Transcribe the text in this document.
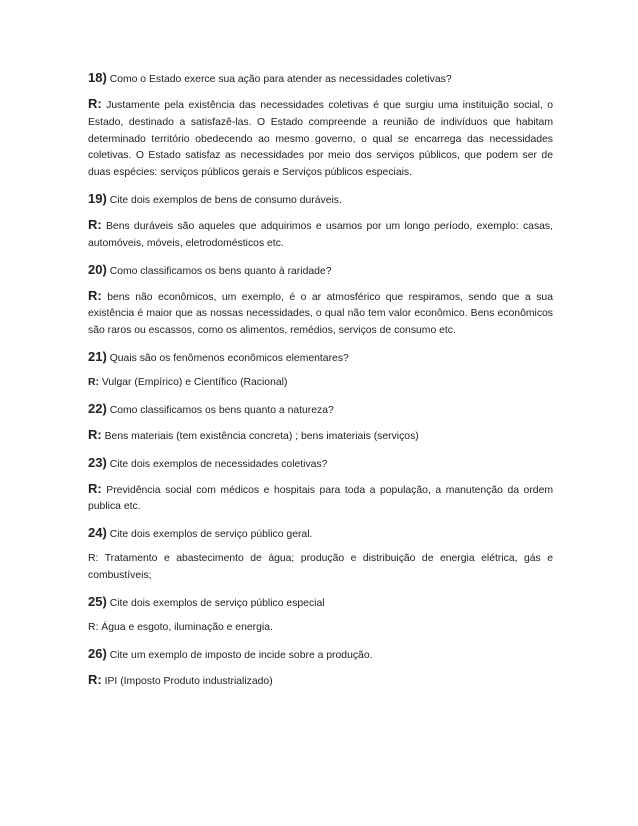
18) Como o Estado exerce sua ação para atender as necessidades coletivas?

R: Justamente pela existência das necessidades coletivas é que surgiu uma instituição social, o Estado, destinado a satisfazê-las. O Estado compreende a reunião de indivíduos que habitam determinado território obedecendo ao mesmo governo, o qual se encarrega das necessidades coletivas. O Estado satisfaz as necessidades por meio dos serviços públicos, que podem ser de duas espécies: serviços públicos gerais e Serviços públicos especiais.

19) Cite dois exemplos de bens de consumo duráveis.

R: Bens duráveis são aqueles que adquirimos e usamos por um longo período, exemplo: casas, automóveis, móveis, eletrodomésticos etc.

20) Como classificamos os bens quanto à raridade?

R: bens não econômicos, um exemplo, é o ar atmosférico que respiramos, sendo que a sua existência é maior que as nossas necessidades, o qual não tem valor econômico. Bens econômicos são raros ou escassos, como os alimentos, remédios, serviços de consumo etc.

21) Quais são os fenômenos econômicos elementares?

R: Vulgar (Empírico) e Científico (Racional)

22) Como classificamos os bens quanto a natureza?

R: Bens materiais (tem existência concreta) ; bens imateriais (serviços)

23) Cite dois exemplos de necessidades coletivas?

R: Previdência social com médicos e hospitais para toda a população, a manutenção da ordem publica etc.

24) Cite dois exemplos de serviço público geral.

R: Tratamento e abastecimento de água; produção e distribuição de energia elétrica, gás e combustíveis;

25) Cite dois exemplos de serviço público especial

R: Água e esgoto, iluminação e energia.

26) Cite um exemplo de imposto de incide sobre a produção.

R: IPI (Imposto Produto industrializado)
